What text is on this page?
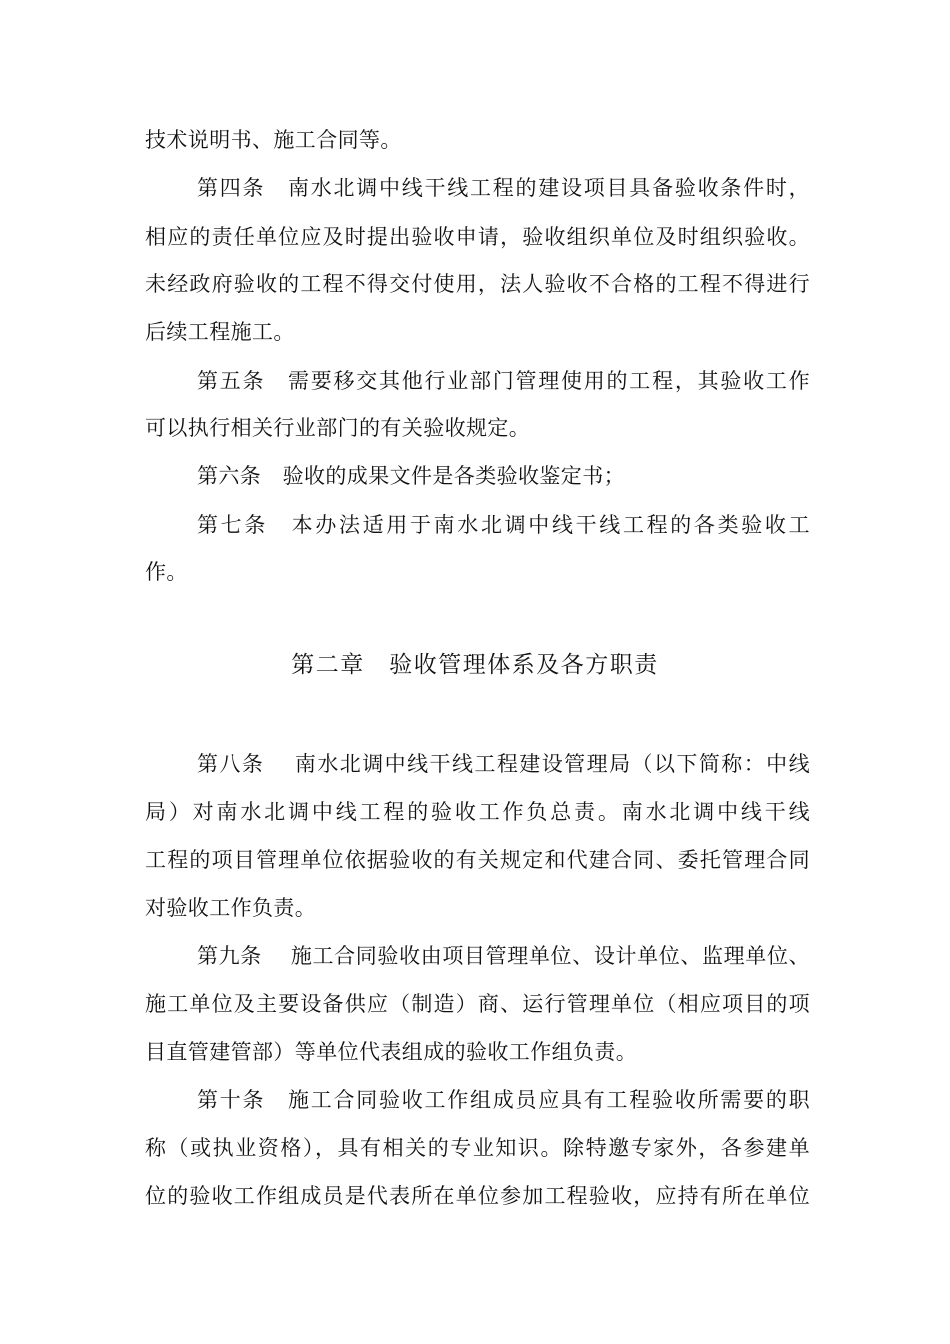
技术说明书、施工合同等。
第四条　南水北调中线干线工程的建设项目具备验收条件时，
相应的责任单位应及时提出验收申请，验收组织单位及时组织验收。
未经政府验收的工程不得交付使用，法人验收不合格的工程不得进行
后续工程施工。
第五条　需要移交其他行业部门管理使用的工程，其验收工作
可以执行相关行业部门的有关验收规定。
第六条　验收的成果文件是各类验收鉴定书；
第七条　本办法适用于南水北调中线干线工程的各类验收工
作。
第二章　验收管理体系及各方职责
第八条　 南水北调中线干线工程建设管理局（以下简称：中线
局）对南水北调中线工程的验收工作负总责。南水北调中线干线
工程的项目管理单位依据验收的有关规定和代建合同、委托管理合同
对验收工作负责。
第九条　 施工合同验收由项目管理单位、设计单位、监理单位、
施工单位及主要设备供应（制造）商、运行管理单位（相应项目的项
目直管建管部）等单位代表组成的验收工作组负责。
第十条　施工合同验收工作组成员应具有工程验收所需要的职
称（或执业资格），具有相关的专业知识。除特邀专家外，各参建单
位的验收工作组成员是代表所在单位参加工程验收，应持有所在单位
